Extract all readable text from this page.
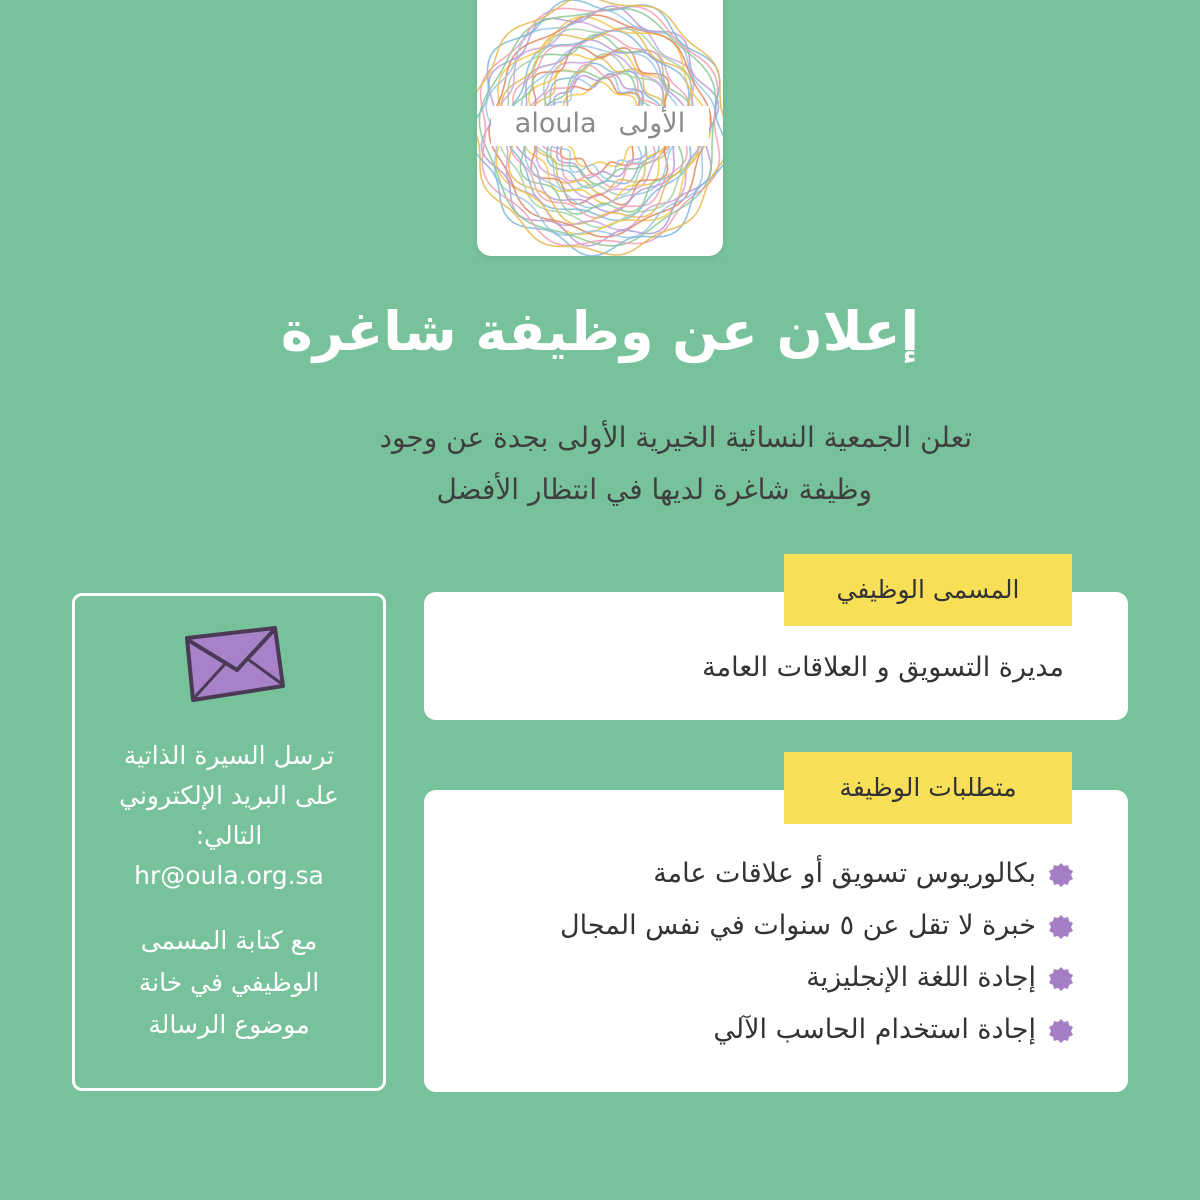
aloula الأولى
إعلان عن وظيفة شاغرة
تعلن الجمعية النسائية الخيرية الأولى بجدة عن وجود
وظيفة شاغرة لديها في انتظار الأفضل
المسمى الوظيفي
مديرة التسويق و العلاقات العامة
متطلبات الوظيفة
بكالوريوس تسويق أو علاقات عامة
خبرة لا تقل عن ٥ سنوات في نفس المجال
إجادة اللغة الإنجليزية
إجادة استخدام الحاسب الآلي
ترسل السيرة الذاتية
على البريد الإلكتروني
التالي:
hr@oula.org.sa
مع كتابة المسمى
الوظيفي في خانة
موضوع الرسالة
